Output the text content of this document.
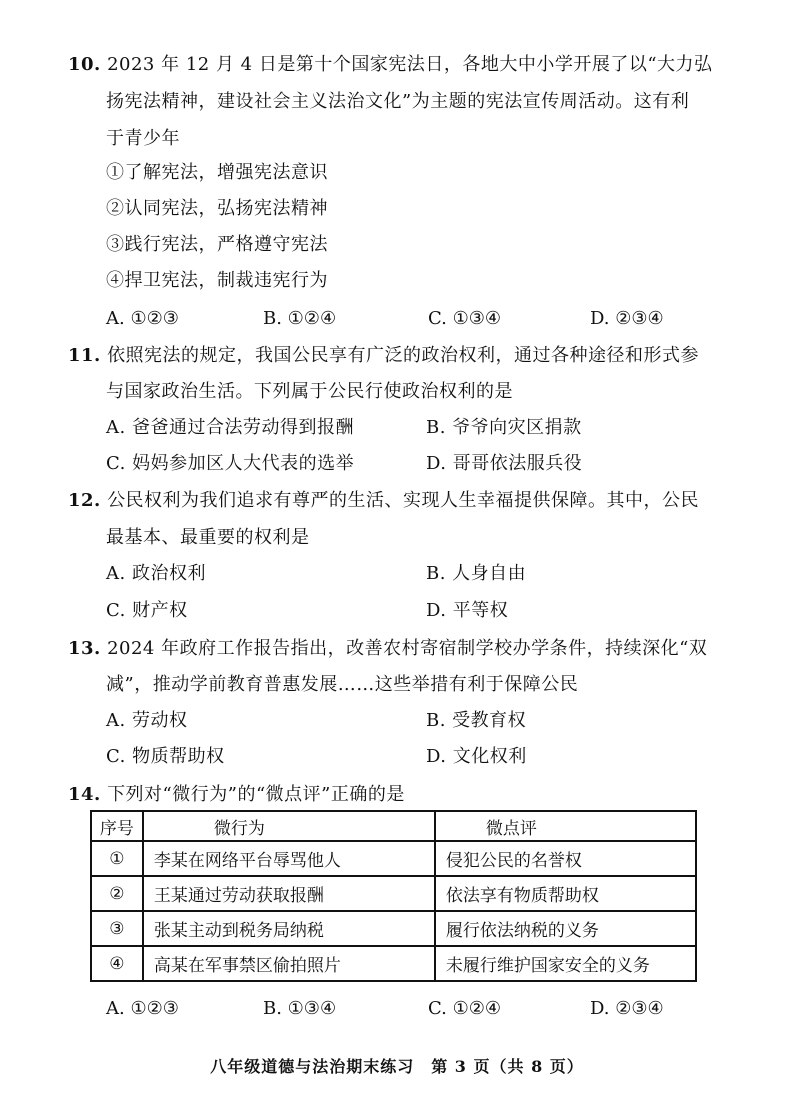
10. 2023 年 12 月 4 日是第十个国家宪法日，各地大中小学开展了以“大力弘
扬宪法精神，建设社会主义法治文化”为主题的宪法宣传周活动。这有利
于青少年
①了解宪法，增强宪法意识
②认同宪法，弘扬宪法精神
③践行宪法，严格遵守宪法
④捍卫宪法，制裁违宪行为
A. ①②③	B. ①②④	C. ①③④	D. ②③④
11. 依照宪法的规定，我国公民享有广泛的政治权利，通过各种途径和形式参
与国家政治生活。下列属于公民行使政治权利的是
A. 爸爸通过合法劳动得到报酬	B. 爷爷向灾区捐款
C. 妈妈参加区人大代表的选举	D. 哥哥依法服兵役
12. 公民权利为我们追求有尊严的生活、实现人生幸福提供保障。其中，公民
最基本、最重要的权利是
A. 政治权利	B. 人身自由
C. 财产权	D. 平等权
13. 2024 年政府工作报告指出，改善农村寄宿制学校办学条件，持续深化“双
减”，推动学前教育普惠发展……这些举措有利于保障公民
A. 劳动权	B. 受教育权
C. 物质帮助权	D. 文化权利
14. 下列对“微行为”的“微点评”正确的是
序号	微行为	微点评
①	李某在网络平台辱骂他人	侵犯公民的名誉权
②	王某通过劳动获取报酬	依法享有物质帮助权
③	张某主动到税务局纳税	履行依法纳税的义务
④	高某在军事禁区偷拍照片	未履行维护国家安全的义务
A. ①②③	B. ①③④	C. ①②④	D. ②③④
八年级道德与法治期末练习　第 3 页（共 8 页）
